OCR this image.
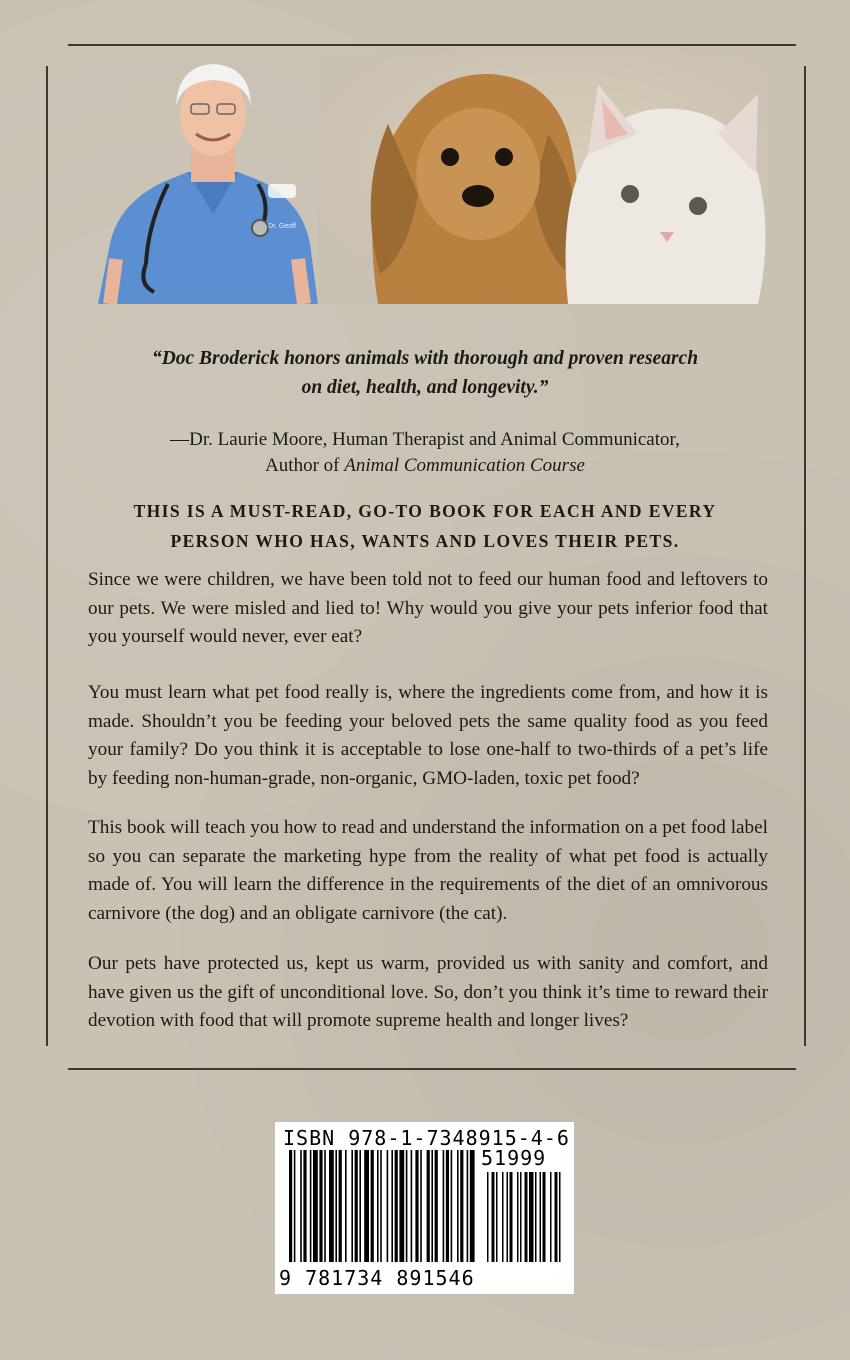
Dr. Geoff
“Doc Broderick honors animals with thorough and proven research
on diet, health, and longevity.”
—Dr. Laurie Moore, Human Therapist and Animal Communicator,
Author of Animal Communication Course
THIS IS A MUST-READ, GO-TO BOOK FOR EACH AND EVERY
PERSON WHO HAS, WANTS AND LOVES THEIR PETS.

Since we were children, we have been told not to feed our human food and leftovers to our pets. We were misled and lied to! Why would you give your pets inferior food that you yourself would never, ever eat?

You must learn what pet food really is, where the ingredients come from, and how it is made. Shouldn’t you be feeding your beloved pets the same quality food as you feed your family? Do you think it is acceptable to lose one-half to two-thirds of a pet’s life by feeding non-human-grade, non-organic, GMO-laden, toxic pet food?

This book will teach you how to read and understand the information on a pet food label so you can separate the marketing hype from the reality of what pet food is actually made of. You will learn the difference in the requirements of the diet of an omnivorous carnivore (the dog) and an obligate carnivore (the cat).

Our pets have protected us, kept us warm, provided us with sanity and comfort, and have given us the gift of unconditional love. So, don’t you think it’s time to reward their devotion with food that will promote supreme health and longer lives?

ISBN 978-1-7348915-4-6
51999
9 781734 891546
